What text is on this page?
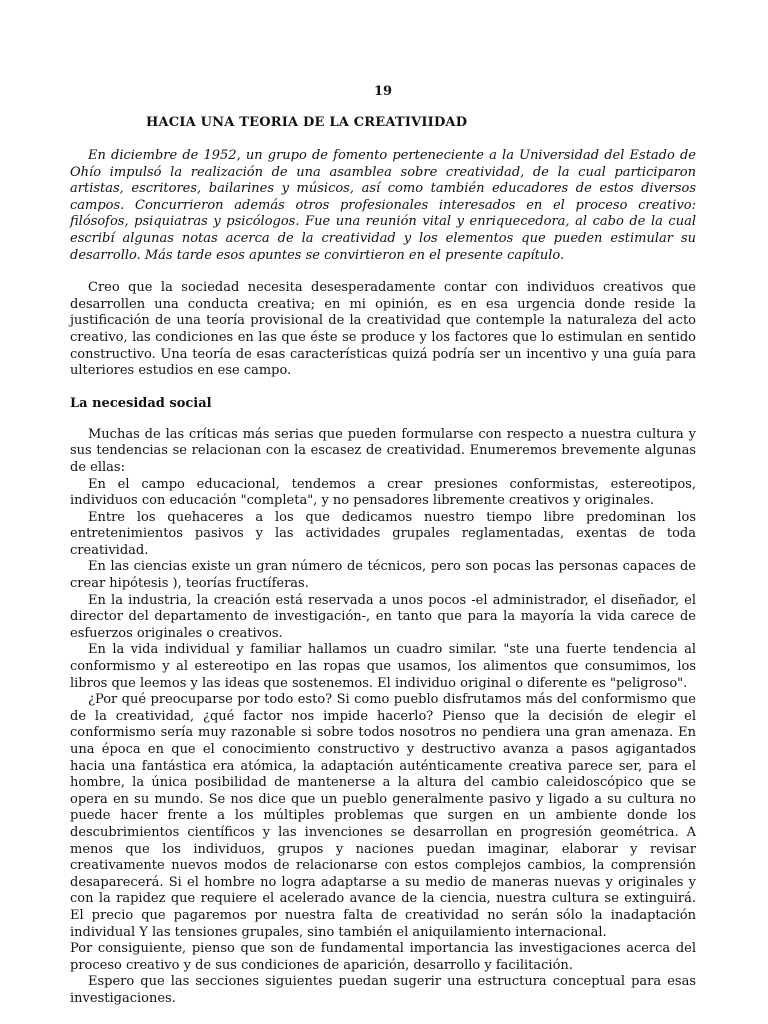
19
HACIA UNA TEORIA DE LA CREATIVIIDAD

En diciembre de 1952, un grupo de fomento perteneciente a la Universidad del Estado de Ohío impulsó la realización de una asamblea sobre creatividad, de la cual participaron artistas, escritores, bailarines y músicos, así como también educadores de estos diversos campos. Concurrieron además otros profesionales interesados en el proceso creativo: filósofos, psiquiatras y psicólogos. Fue una reunión vital y enriquecedora, al cabo de la cual escribí algunas notas acerca de la creatividad y los elementos que pueden estimular su desarrollo. Más tarde esos apuntes se convirtieron en el presente capítulo.

Creo que la sociedad necesita desesperadamente contar con individuos creativos que desarrollen una conducta creativa; en mi opinión, es en esa urgencia donde reside la justificación de una teoría provisional de la creatividad que contemple la naturaleza del acto creativo, las condiciones en las que éste se produce y los factores que lo estimulan en sentido constructivo. Una teoría de esas características quizá podría ser un incentivo y una guía para ulteriores estudios en ese campo.

La necesidad social

Muchas de las críticas más serias que pueden formularse con respecto a nuestra cultura y sus tendencias se relacionan con la escasez de creatividad. Enumeremos brevemente algunas de ellas:

En el campo educacional, tendemos a crear presiones conformistas, estereotipos, individuos con educación "completa", y no pensadores libremente creativos y originales.

Entre los quehaceres a los que dedicamos nuestro tiempo libre predominan los entretenimientos pasivos y las actividades grupales reglamentadas, exentas de toda creatividad.

En las ciencias existe un gran número de técnicos, pero son pocas las personas capaces de crear hipótesis ), teorías fructíferas.

En la industria, la creación está reservada a unos pocos -el administrador, el diseñador, el director del departamento de investigación-, en tanto que para la mayoría la vida carece de esfuerzos originales o creativos.

En la vida individual y familiar hallamos un cuadro similar. "ste una fuerte tendencia al conformismo y al estereotipo en las ropas que usamos, los alimentos que consumimos, los libros que leemos y las ideas que sostenemos. El individuo original o diferente es "peligroso".

¿Por qué preocuparse por todo esto? Si como pueblo disfrutamos más del conformismo que de la creatividad, ¿qué factor nos impide hacerlo? Pienso que la decisión de elegir el conformismo sería muy razonable si sobre todos nosotros no pendiera una gran amenaza. En una época en que el conocimiento constructivo y destructivo avanza a pasos agigantados hacia una fantástica era atómica, la adaptación auténticamente creativa parece ser, para el hombre, la única posibilidad de mantenerse a la altura del cambio caleidoscópico que se opera en su mundo. Se nos dice que un pueblo generalmente pasivo y ligado a su cultura no puede hacer frente a los múltiples problemas que surgen en un ambiente donde los descubrimientos científicos y las invenciones se desarrollan en progresión geométrica. A menos que los individuos, grupos y naciones puedan imaginar, elaborar y revisar creativamente nuevos modos de relacionarse con estos complejos cambios, la comprensión desaparecerá. Si el hombre no logra adaptarse a su medio de maneras nuevas y originales y con la rapidez que requiere el acelerado avance de la ciencia, nuestra cultura se extinguirá. El precio que pagaremos por nuestra falta de creatividad no serán sólo la inadaptación individual Y las tensiones grupales, sino también el aniquilamiento internacional.

Por consiguiente, pienso que son de fundamental importancia las investigaciones acerca del proceso creativo y de sus condiciones de aparición, desarrollo y facilitación.

Espero que las secciones siguientes puedan sugerir una estructura conceptual para esas investigaciones.
